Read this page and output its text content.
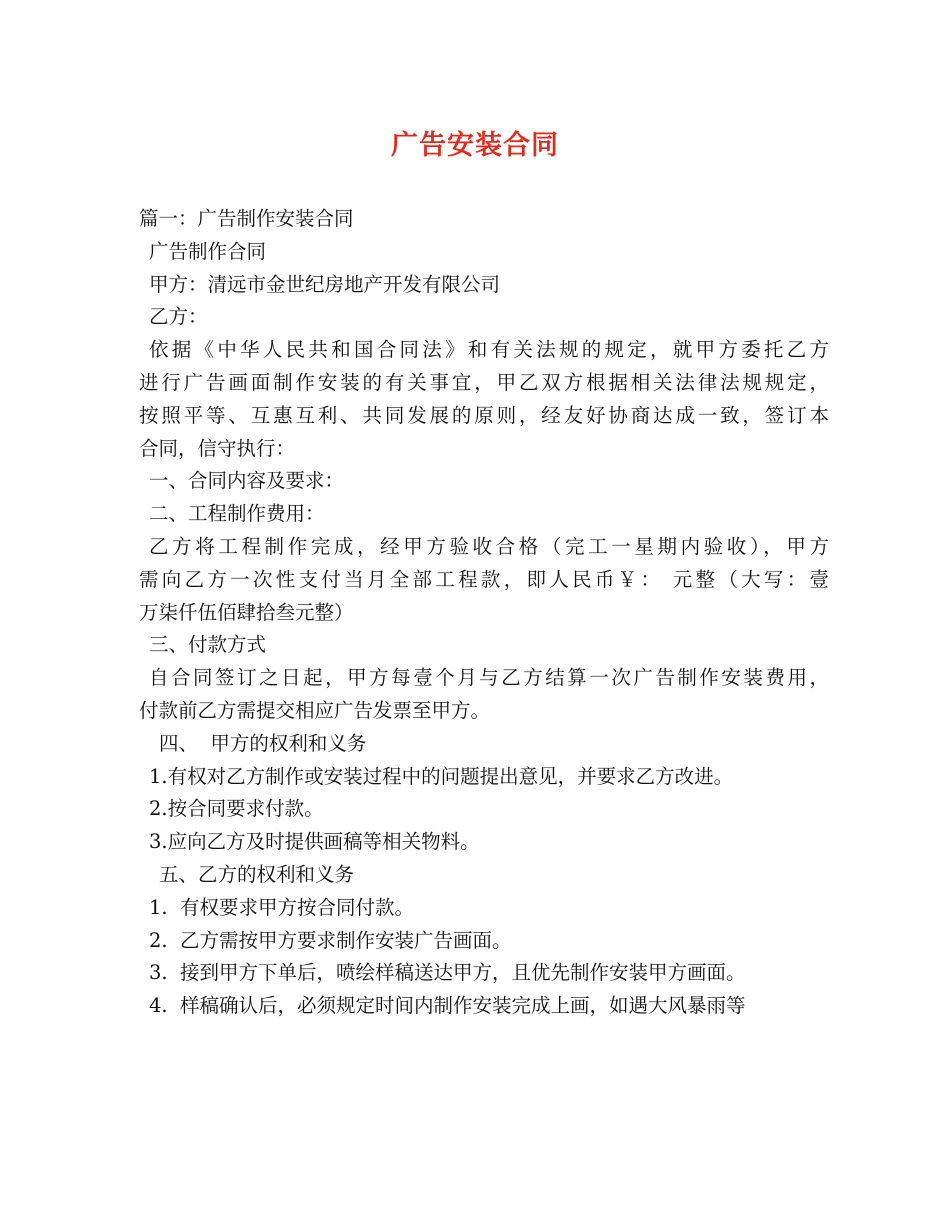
广告安装合同
篇一：广告制作安装合同
广告制作合同
甲方：清远市金世纪房地产开发有限公司
乙方：
依据《中华人民共和国合同法》和有关法规的规定，就甲方委托乙方
进行广告画面制作安装的有关事宜，甲乙双方根据相关法律法规规定，
按照平等、互惠互利、共同发展的原则，经友好协商达成一致，签订本
合同，信守执行：
一、合同内容及要求：
二、工程制作费用：
乙方将工程制作完成，经甲方验收合格（完工一星期内验收），甲方
需向乙方一次性支付当月全部工程款，即人民币￥： 元整（大写：壹
万柒仟伍佰肆拾叁元整）
三、付款方式
自合同签订之日起，甲方每壹个月与乙方结算一次广告制作安装费用，
付款前乙方需提交相应广告发票至甲方。
四、  甲方的权利和义务
1.有权对乙方制作或安装过程中的问题提出意见，并要求乙方改进。
2.按合同要求付款。
3.应向乙方及时提供画稿等相关物料。
五、乙方的权利和义务
1.  有权要求甲方按合同付款。
2.  乙方需按甲方要求制作安装广告画面。
3.  接到甲方下单后，喷绘样稿送达甲方，且优先制作安装甲方画面。
4.  样稿确认后，必须规定时间内制作安装完成上画，如遇大风暴雨等
